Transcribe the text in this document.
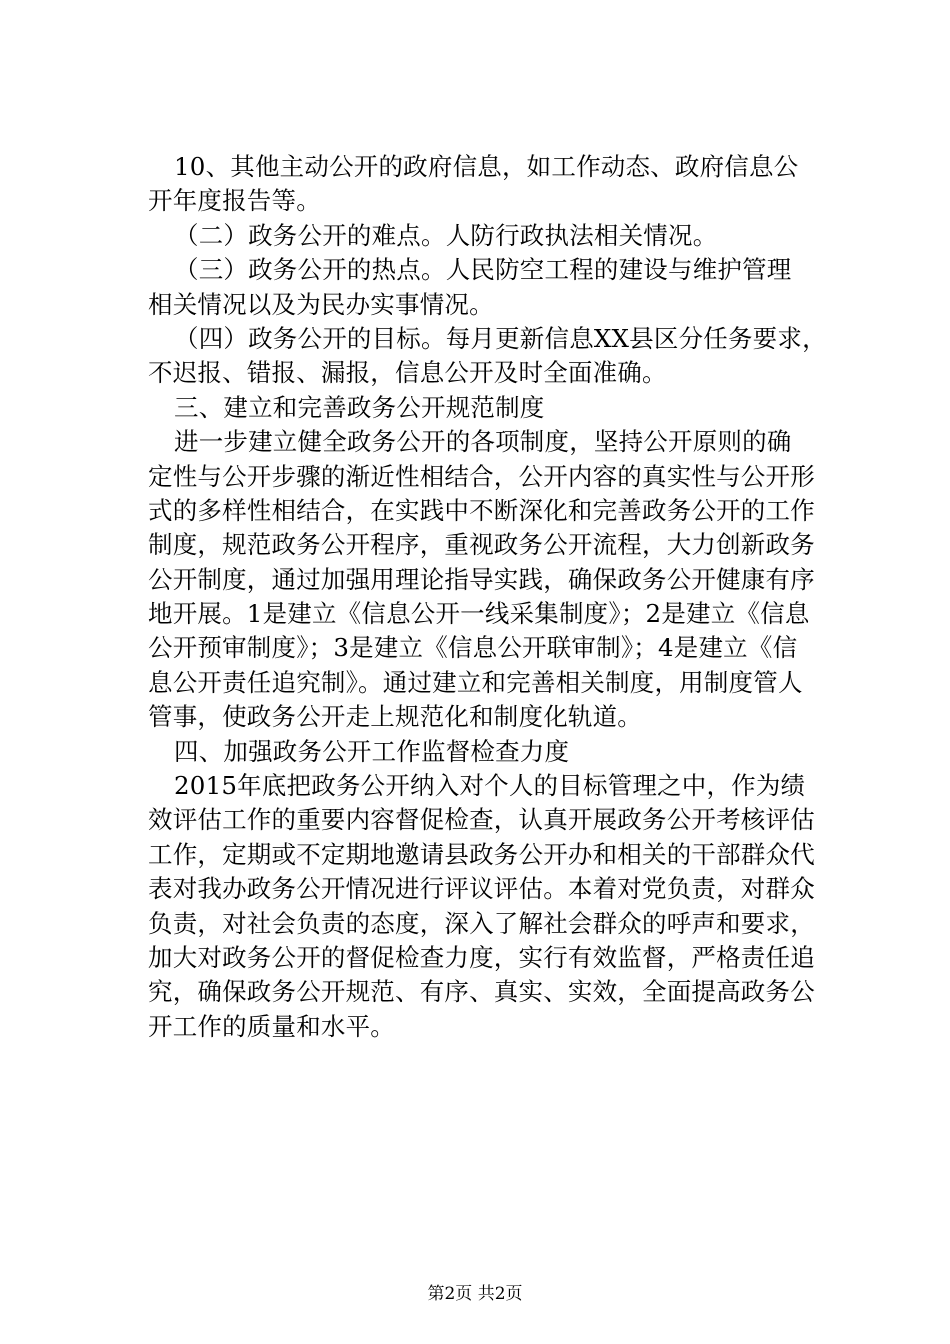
10、其他主动公开的政府信息，如工作动态、政府信息公
开年度报告等。
（二）政务公开的难点。人防行政执法相关情况。
（三）政务公开的热点。人民防空工程的建设与维护管理
相关情况以及为民办实事情况。
（四）政务公开的目标。每月更新信息XX县区分任务要求，
不迟报、错报、漏报，信息公开及时全面准确。
三、建立和完善政务公开规范制度
进一步建立健全政务公开的各项制度，坚持公开原则的确
定性与公开步骤的渐近性相结合，公开内容的真实性与公开形
式的多样性相结合，在实践中不断深化和完善政务公开的工作
制度，规范政务公开程序，重视政务公开流程，大力创新政务
公开制度，通过加强用理论指导实践，确保政务公开健康有序
地开展。1是建立《信息公开一线采集制度》；2是建立《信息
公开预审制度》；3是建立《信息公开联审制》；4是建立《信
息公开责任追究制》。通过建立和完善相关制度，用制度管人
管事，使政务公开走上规范化和制度化轨道。
四、加强政务公开工作监督检查力度
2015年底把政务公开纳入对个人的目标管理之中，作为绩
效评估工作的重要内容督促检查，认真开展政务公开考核评估
工作，定期或不定期地邀请县政务公开办和相关的干部群众代
表对我办政务公开情况进行评议评估。本着对党负责，对群众
负责，对社会负责的态度，深入了解社会群众的呼声和要求，
加大对政务公开的督促检查力度，实行有效监督，严格责任追
究，确保政务公开规范、有序、真实、实效，全面提高政务公
开工作的质量和水平。
第2页 共2页
